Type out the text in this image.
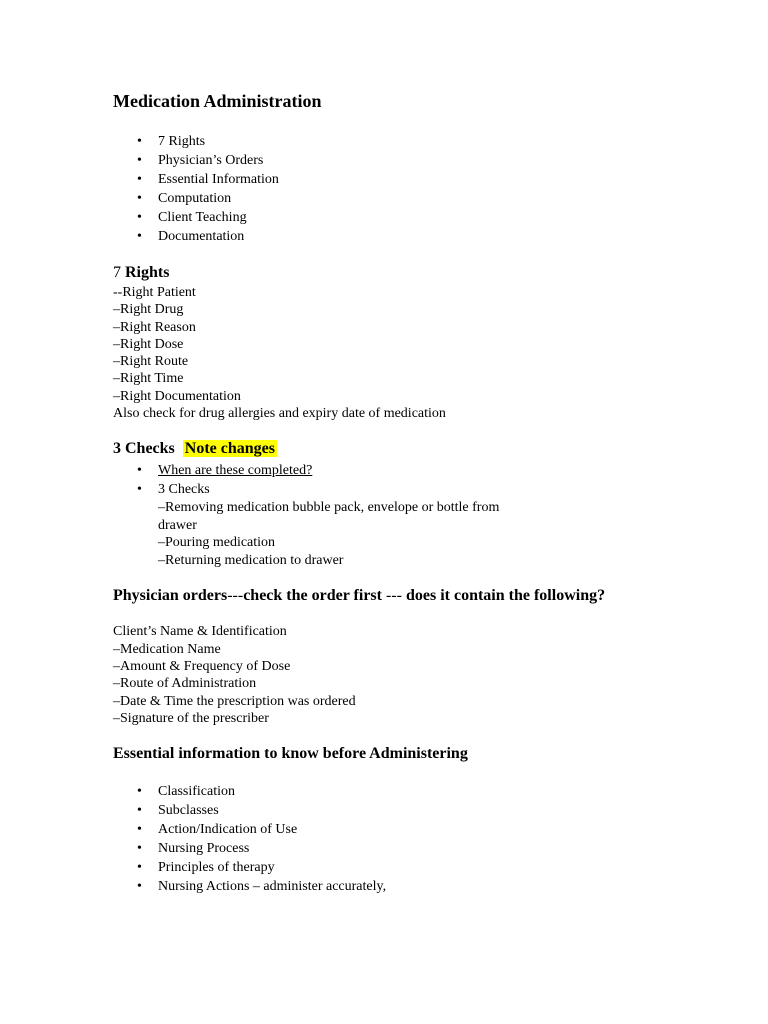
Medication Administration
• 7 Rights
• Physician’s Orders
• Essential Information
• Computation
• Client Teaching
• Documentation
7 Rights
--Right Patient
–Right Drug
–Right Reason
–Right Dose
–Right Route
–Right Time
–Right Documentation
Also check for drug allergies and expiry date of medication
3 Checks Note changes
• When are these completed?
• 3 Checks
–Removing medication bubble pack, envelope or bottle from
drawer
–Pouring medication
–Returning medication to drawer
Physician orders---check the order first --- does it contain the following?
Client’s Name & Identification
–Medication Name
–Amount & Frequency of Dose
–Route of Administration
–Date & Time the prescription was ordered
–Signature of the prescriber
Essential information to know before Administering
• Classification
• Subclasses
• Action/Indication of Use
• Nursing Process
• Principles of therapy
• Nursing Actions – administer accurately,
